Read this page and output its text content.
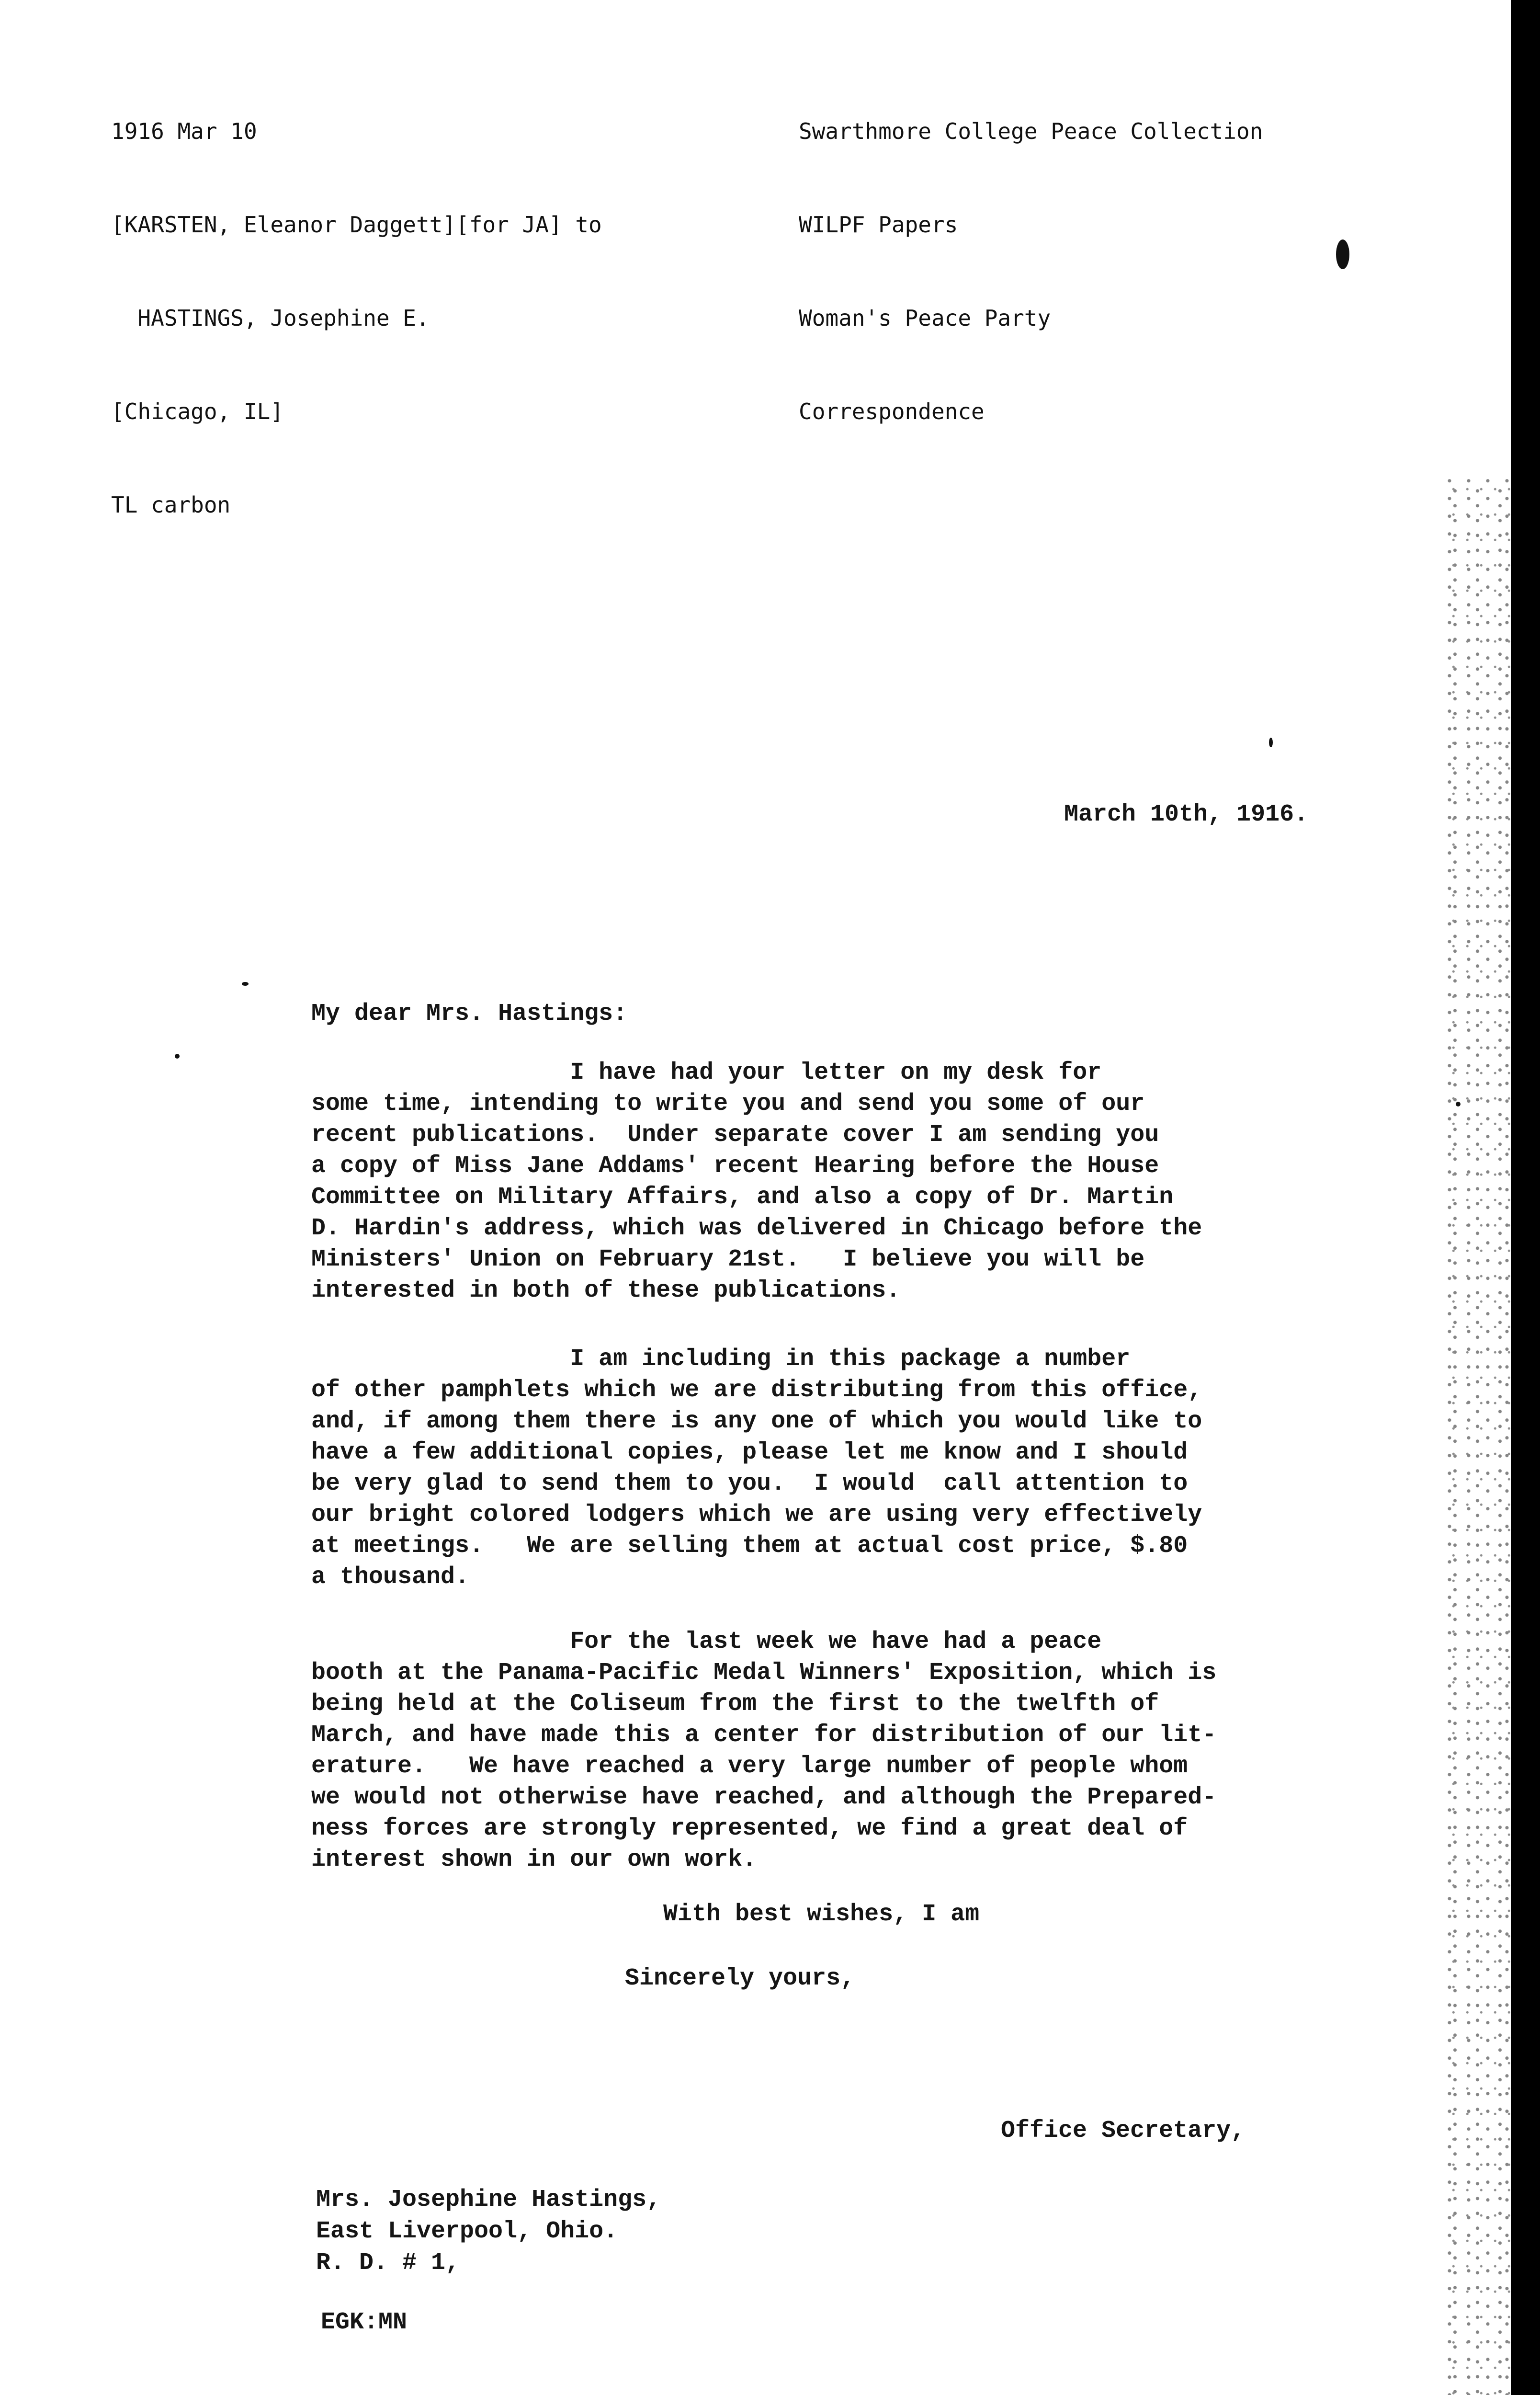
1916 Mar 10

[KARSTEN, Eleanor Daggett][for JA] to

HASTINGS, Josephine E.

[Chicago, IL]

TL carbon

Swarthmore College Peace Collection

WILPF Papers

Woman's Peace Party

Correspondence

March 10th, 1916.
My dear Mrs. Hastings:
I have had your letter on my desk for
some time, intending to write you and send you some of our
recent publications.  Under separate cover I am sending you
a copy of Miss Jane Addams' recent Hearing before the House
Committee on Military Affairs, and also a copy of Dr. Martin
D. Hardin's address, which was delivered in Chicago before the
Ministers' Union on February 21st.   I believe you will be
interested in both of these publications.
I am including in this package a number
of other pamphlets which we are distributing from this office,
and, if among them there is any one of which you would like to
have a few additional copies, please let me know and I should
be very glad to send them to you.  I would  call attention to
our bright colored lodgers which we are using very effectively
at meetings.   We are selling them at actual cost price, $.80
a thousand.
For the last week we have had a peace
booth at the Panama-Pacific Medal Winners' Exposition, which is
being held at the Coliseum from the first to the twelfth of
March, and have made this a center for distribution of our lit-
erature.   We have reached a very large number of people whom
we would not otherwise have reached, and although the Prepared-
ness forces are strongly represented, we find a great deal of
interest shown in our own work.
With best wishes, I am
Sincerely yours,
Office Secretary,
Mrs. Josephine Hastings,
East Liverpool, Ohio.
R. D. # 1,
EGK:MN
